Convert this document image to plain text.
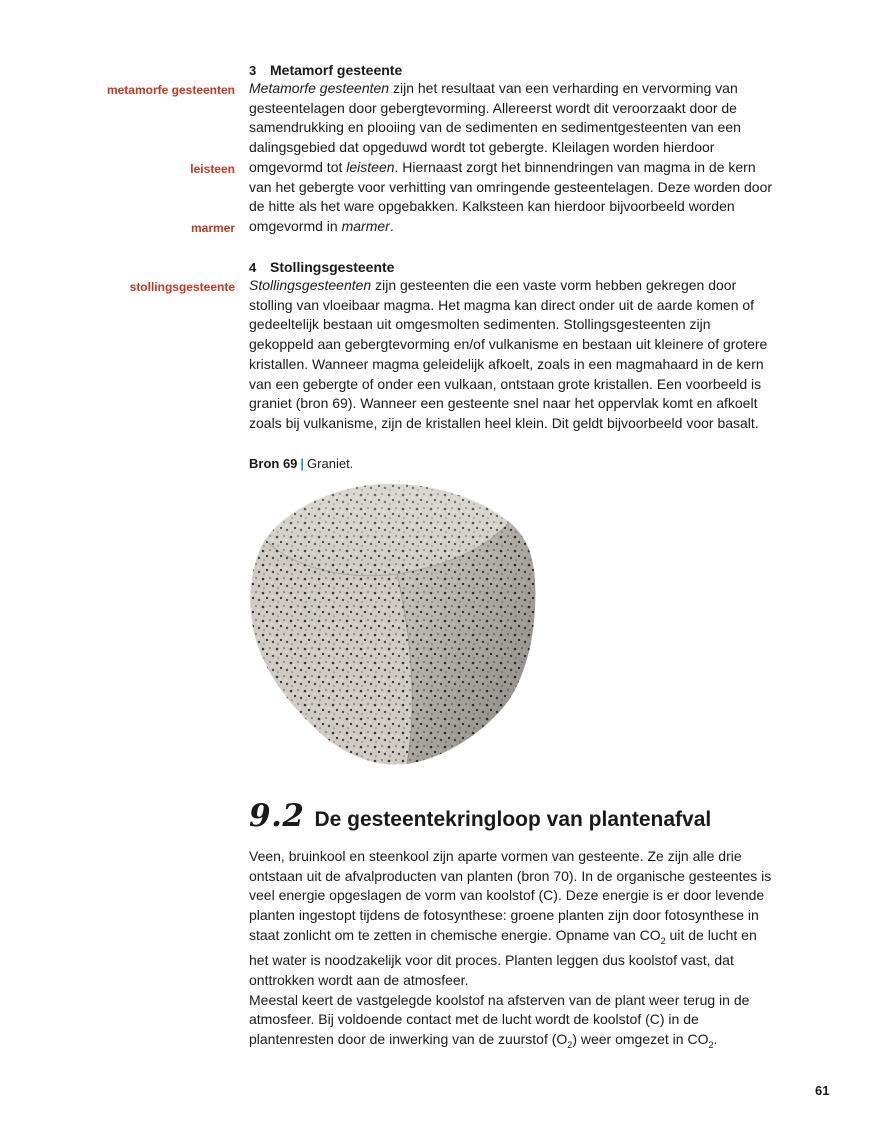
3 Metamorf gesteente
metamorfe gesteenten
leisteen
marmer

Metamorfe gesteenten zijn het resultaat van een verharding en vervorming van gesteentelagen door gebergtevorming. Allereerst wordt dit veroorzaakt door de samendrukking en plooiing van de sedimenten en sedimentgesteenten van een dalingsgebied dat opgeduwd wordt tot gebergte. Kleilagen worden hierdoor omgevormd tot leisteen. Hiernaast zorgt het binnendringen van magma in de kern van het gebergte voor verhitting van omringende gesteentelagen. Deze worden door de hitte als het ware opgebakken. Kalksteen kan hierdoor bijvoorbeeld worden omgevormd in marmer.

4 Stollingsgesteente
stollingsgesteente Stollingsgesteenten zijn gesteenten die een vaste vorm hebben gekregen door stolling van vloeibaar magma. Het magma kan direct onder uit de aarde komen of gedeeltelijk bestaan uit omgesmolten sedimenten. Stollingsgesteenten zijn gekoppeld aan gebergtevorming en/of vulkanisme en bestaan uit kleinere of grotere kristallen. Wanneer magma geleidelijk afkoelt, zoals in een magmahaard in de kern van een gebergte of onder een vulkaan, ontstaan grote kristallen. Een voorbeeld is graniet (bron 69). Wanneer een gesteente snel naar het oppervlak komt en afkoelt zoals bij vulkanisme, zijn de kristallen heel klein. Dit geldt bijvoorbeeld voor basalt.

Bron 69 | Graniet.
9.2 De gesteentekringloop van plantenafval

Veen, bruinkool en steenkool zijn aparte vormen van gesteente. Ze zijn alle drie ontstaan uit de afvalproducten van planten (bron 70). In de organische gesteentes is veel energie opgeslagen de vorm van koolstof (C). Deze energie is er door levende planten ingestopt tijdens de fotosynthese: groene planten zijn door fotosynthese in staat zonlicht om te zetten in chemische energie. Opname van $CO_2$ uit de lucht en het water is noodzakelijk voor dit proces. Planten leggen dus koolstof vast, dat onttrokken wordt aan de atmosfeer.

Meestal keert de vastgelegde koolstof na afsterven van de plant weer terug in de atmosfeer. Bij voldoende contact met de lucht wordt de koolstof (C) in de plantenresten door de inwerking van de zuurstof $(O_2)$ weer omgezet in $CO_2$.

61
